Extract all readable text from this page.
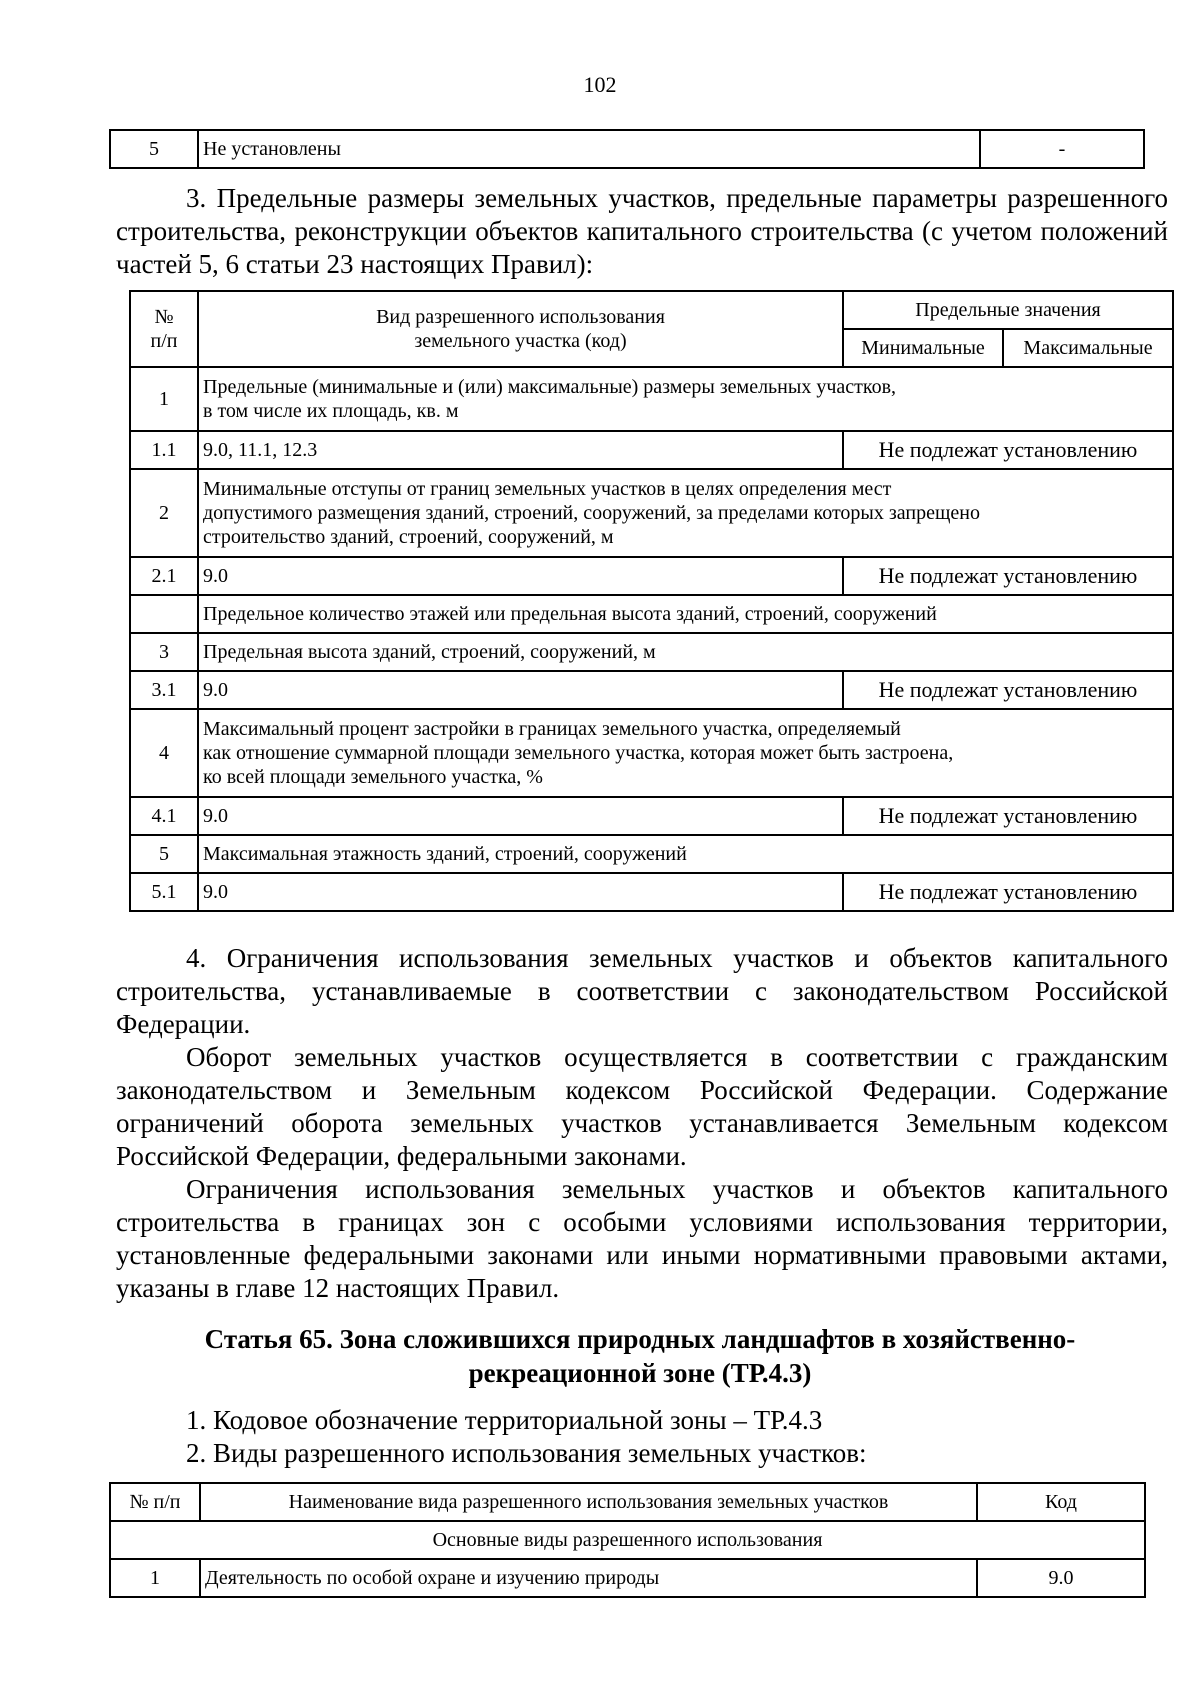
102
5	Не установлены	-

3. Предельные размеры земельных участков, предельные параметры разрешенного строительства, реконструкции объектов капитального строительства (с учетом положений частей 5, 6 статьи 23 настоящих Правил):

№
п/п	Вид разрешенного использования
земельного участка (код)	Предельные значения	
		Минимальные	Максимальные
1	Предельные (минимальные и (или) максимальные) размеры земельных участков,
в том числе их площадь, кв. м		
1.1	9.0, 11.1, 12.3	Не подлежат установлению	
2	Минимальные отступы от границ земельных участков в целях определения мест
допустимого размещения зданий, строений, сооружений, за пределами которых запрещено
строительство зданий, строений, сооружений, м		
2.1	9.0	Не подлежат установлению	
	Предельное количество этажей или предельная высота зданий, строений, сооружений		
3	Предельная высота зданий, строений, сооружений, м		
3.1	9.0	Не подлежат установлению	
4	Максимальный процент застройки в границах земельного участка, определяемый
как отношение суммарной площади земельного участка, которая может быть застроена,
ко всей площади земельного участка, %		
4.1	9.0	Не подлежат установлению	
5	Максимальная этажность зданий, строений, сооружений		
5.1	9.0	Не подлежат установлению	

4. Ограничения использования земельных участков и объектов капитального строительства, устанавливаемые в соответствии с законодательством Российской Федерации.

Оборот земельных участков осуществляется в соответствии с гражданским законодательством и Земельным кодексом Российской Федерации. Содержание ограничений оборота земельных участков устанавливается Земельным кодексом Российской Федерации, федеральными законами.

Ограничения использования земельных участков и объектов капитального строительства в границах зон с особыми условиями использования территории, установленные федеральными законами или иными нормативными правовыми актами, указаны в главе 12 настоящих Правил.

Статья 65. Зона сложившихся природных ландшафтов в хозяйственно-
рекреационной зоне (ТР.4.3)

1. Кодовое обозначение территориальной зоны – ТР.4.3

2. Виды разрешенного использования земельных участков:

№ п/п	Наименование вида разрешенного использования земельных участков	Код
Основные виды разрешенного использования		
1	Деятельность по особой охране и изучению природы	9.0
